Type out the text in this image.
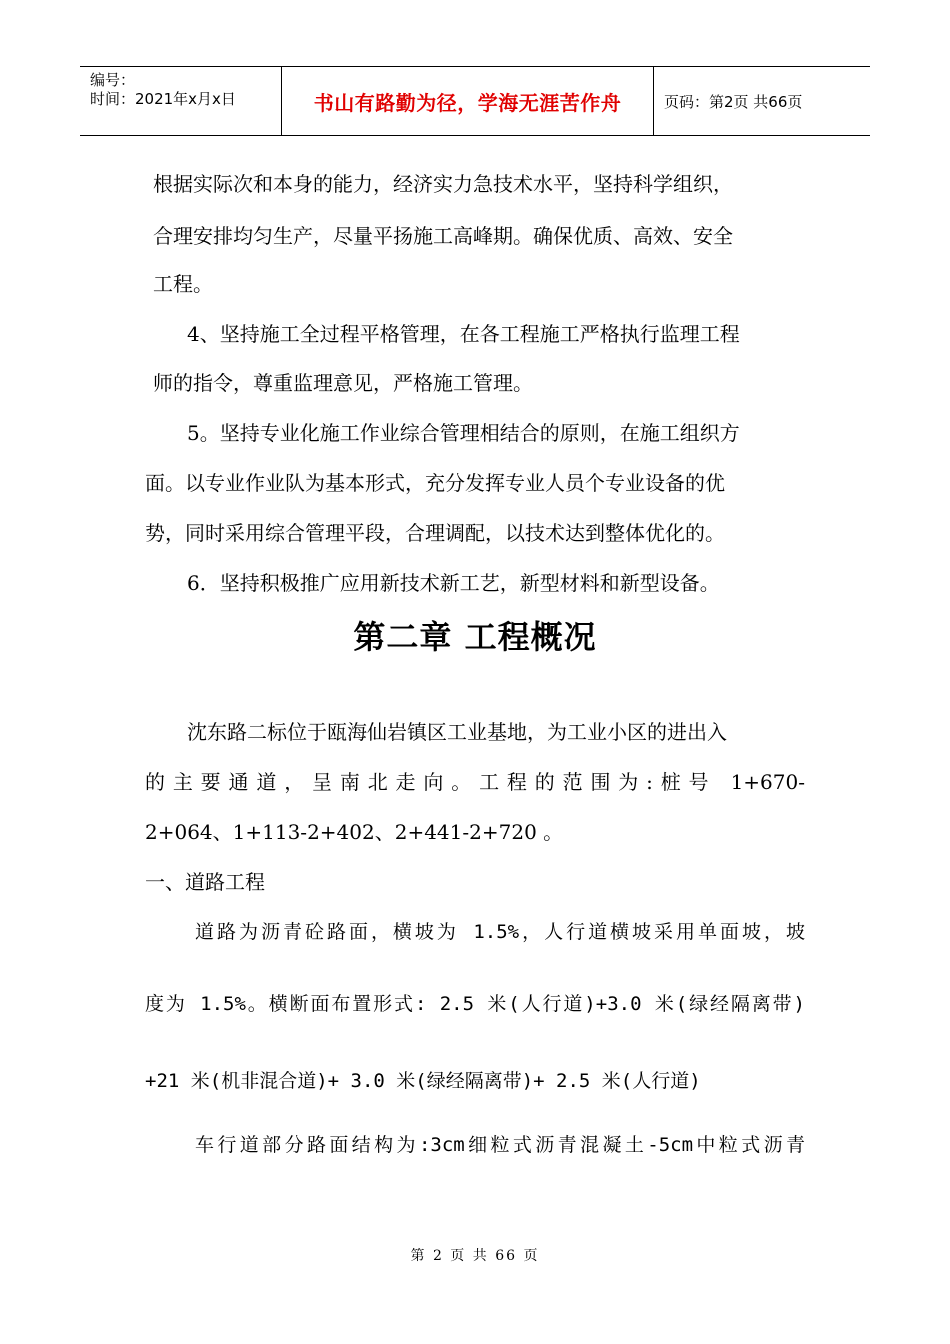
编号：
时间：2021年x月x日	书山有路勤为径，学海无涯苦作舟	页码：第2页 共66页
根据实际次和本身的能力，经济实力急技术水平，坚持科学组织，
合理安排均匀生产，尽量平扬施工高峰期。确保优质、高效、安全
工程。
4、坚持施工全过程平格管理，在各工程施工严格执行监理工程
师的指令，尊重监理意见，严格施工管理。
5。坚持专业化施工作业综合管理相结合的原则，在施工组织方
面。以专业作业队为基本形式，充分发挥专业人员个专业设备的优
势，同时采用综合管理平段，合理调配，以技术达到整体优化的。
6．坚持积极推广应用新技术新工艺，新型材料和新型设备。
第二章 工程概况
沈东路二标位于瓯海仙岩镇区工业基地，为工业小区的进出入
的主要通道，呈南北走向。工程的范围为:桩号 1+670-
2+064、1+113-2+402、2+441-2+720 。
一、道路工程
道路为沥青砼路面，横坡为 1.5%，人行道横坡采用单面坡，坡
度为 1.5%。横断面布置形式: 2.5 米(人行道)+3.0 米(绿经隔离带)
+21 米(机非混合道)+ 3.0 米(绿经隔离带)+ 2.5 米(人行道)
车行道部分路面结构为:3cm细粒式沥青混凝土-5cm中粒式沥青
第 2 页 共 66 页
